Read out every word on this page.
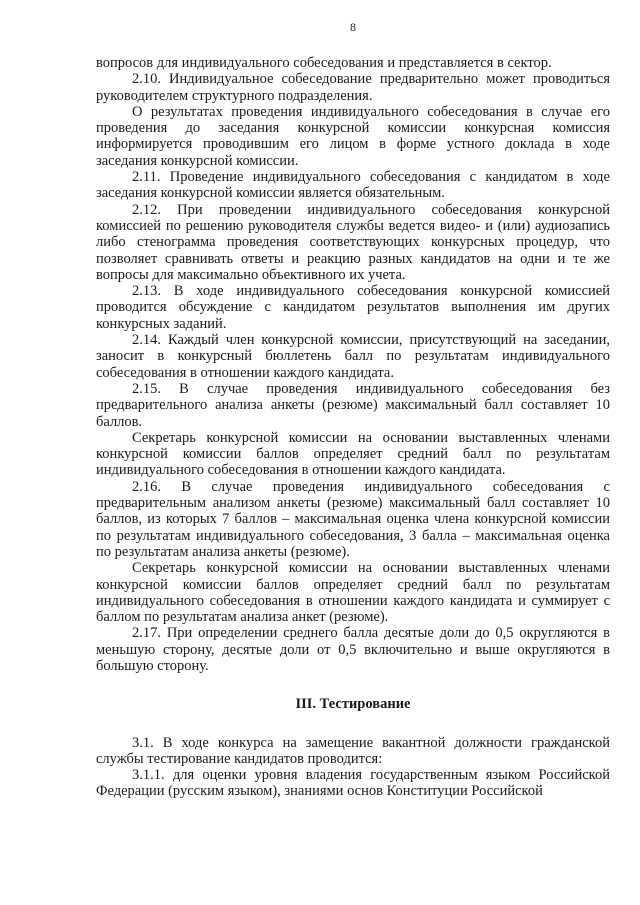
8

вопросов для индивидуального собеседования и представляется в сектор.

2.10. Индивидуальное собеседование предварительно может проводиться руководителем структурного подразделения.

О результатах проведения индивидуального собеседования в случае его проведения до заседания конкурсной комиссии конкурсная комиссия информируется проводившим его лицом в форме устного доклада в ходе заседания конкурсной комиссии.

2.11. Проведение индивидуального собеседования с кандидатом в ходе заседания конкурсной комиссии является обязательным.

2.12. При проведении индивидуального собеседования конкурсной комиссией по решению руководителя службы ведется видео- и (или) аудиозапись либо стенограмма проведения соответствующих конкурсных процедур, что позволяет сравнивать ответы и реакцию разных кандидатов на одни и те же вопросы для максимально объективного их учета.

2.13. В ходе индивидуального собеседования конкурсной комиссией проводится обсуждение с кандидатом результатов выполнения им других конкурсных заданий.

2.14. Каждый член конкурсной комиссии, присутствующий на заседании, заносит в конкурсный бюллетень балл по результатам индивидуального собеседования в отношении каждого кандидата.

2.15. В случае проведения индивидуального собеседования без предварительного анализа анкеты (резюме) максимальный балл составляет 10 баллов.

Секретарь конкурсной комиссии на основании выставленных членами конкурсной комиссии баллов определяет средний балл по результатам индивидуального собеседования в отношении каждого кандидата.

2.16. В случае проведения индивидуального собеседования с предварительным анализом анкеты (резюме) максимальный балл составляет 10 баллов, из которых 7 баллов – максимальная оценка члена конкурсной комиссии по результатам индивидуального собеседования, 3 балла – максимальная оценка по результатам анализа анкеты (резюме).

Секретарь конкурсной комиссии на основании выставленных членами конкурсной комиссии баллов определяет средний балл по результатам индивидуального собеседования в отношении каждого кандидата и суммирует с баллом по результатам анализа анкет (резюме).

2.17. При определении среднего балла десятые доли до 0,5 округляются в меньшую сторону, десятые доли от 0,5 включительно и выше округляются в большую сторону.

III. Тестирование

3.1. В ходе конкурса на замещение вакантной должности гражданской службы тестирование кандидатов проводится:

3.1.1. для оценки уровня владения государственным языком Российской Федерации (русским языком), знаниями основ Конституции Российской
